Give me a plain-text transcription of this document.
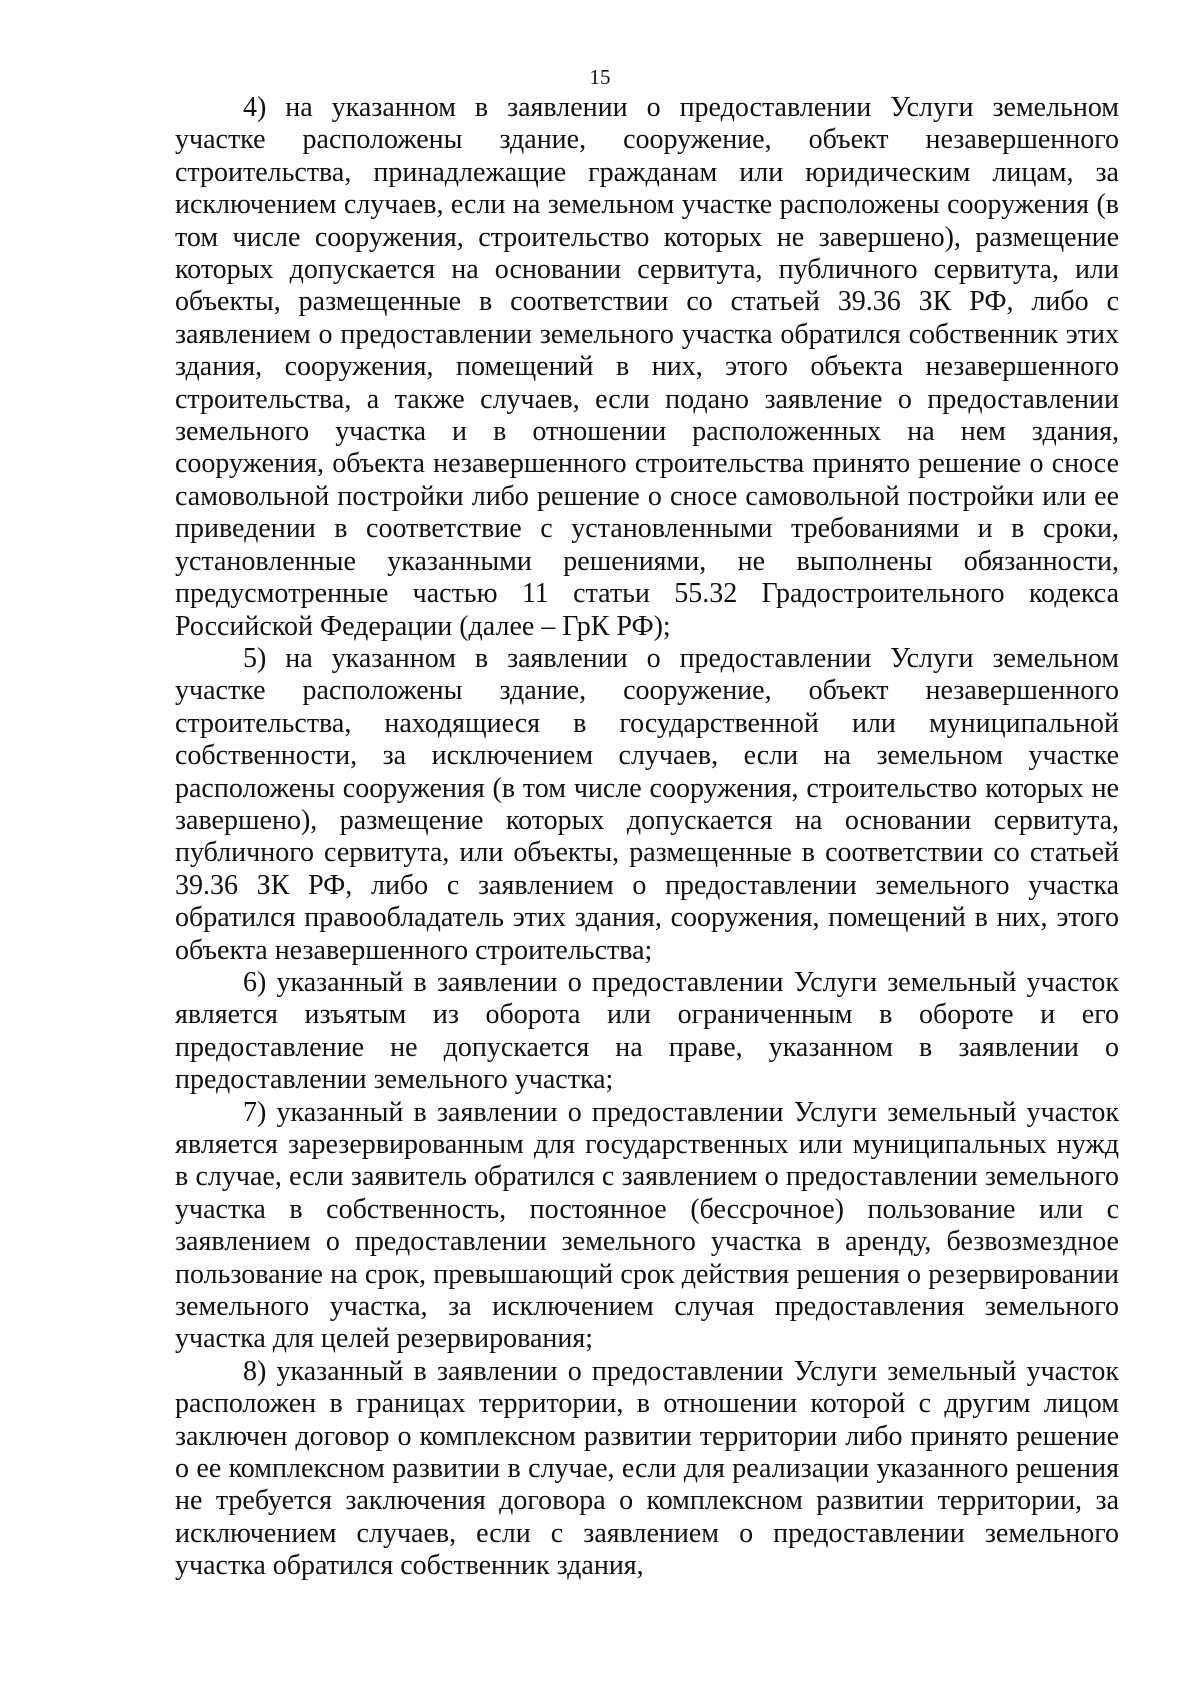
15

4) на указанном в заявлении о предоставлении Услуги земельном участке расположены здание, сооружение, объект незавершенного строительства, принадлежащие гражданам или юридическим лицам, за исключением случаев, если на земельном участке расположены сооружения (в том числе сооружения, строительство которых не завершено), размещение которых допускается на основании сервитута, публичного сервитута, или объекты, размещенные в соответствии со статьей 39.36 ЗК РФ, либо с заявлением о предоставлении земельного участка обратился собственник этих здания, сооружения, помещений в них, этого объекта незавершенного строительства, а также случаев, если подано заявление о предоставлении земельного участка и в отношении расположенных на нем здания, сооружения, объекта незавершенного строительства принято решение о сносе самовольной постройки либо решение о сносе самовольной постройки или ее приведении в соответствие с установленными требованиями и в сроки, установленные указанными решениями, не выполнены обязанности, предусмотренные частью 11 статьи 55.32 Градостроительного кодекса Российской Федерации (далее – ГрК РФ);

5) на указанном в заявлении о предоставлении Услуги земельном участке расположены здание, сооружение, объект незавершенного строительства, находящиеся в государственной или муниципальной собственности, за исключением случаев, если на земельном участке расположены сооружения (в том числе сооружения, строительство которых не завершено), размещение которых допускается на основании сервитута, публичного сервитута, или объекты, размещенные в соответствии со статьей 39.36 ЗК РФ, либо с заявлением о предоставлении земельного участка обратился правообладатель этих здания, сооружения, помещений в них, этого объекта незавершенного строительства;

6) указанный в заявлении о предоставлении Услуги земельный участок является изъятым из оборота или ограниченным в обороте и его предоставление не допускается на праве, указанном в заявлении о предоставлении земельного участка;

7) указанный в заявлении о предоставлении Услуги земельный участок является зарезервированным для государственных или муниципальных нужд в случае, если заявитель обратился с заявлением о предоставлении земельного участка в собственность, постоянное (бессрочное) пользование или с заявлением о предоставлении земельного участка в аренду, безвозмездное пользование на срок, превышающий срок действия решения о резервировании земельного участка, за исключением случая предоставления земельного участка для целей резервирования;

8) указанный в заявлении о предоставлении Услуги земельный участок расположен в границах территории, в отношении которой с другим лицом заключен договор о комплексном развитии территории либо принято решение о ее комплексном развитии в случае, если для реализации указанного решения не требуется заключения договора о комплексном развитии территории, за исключением случаев, если с заявлением о предоставлении земельного участка обратился собственник здания,
